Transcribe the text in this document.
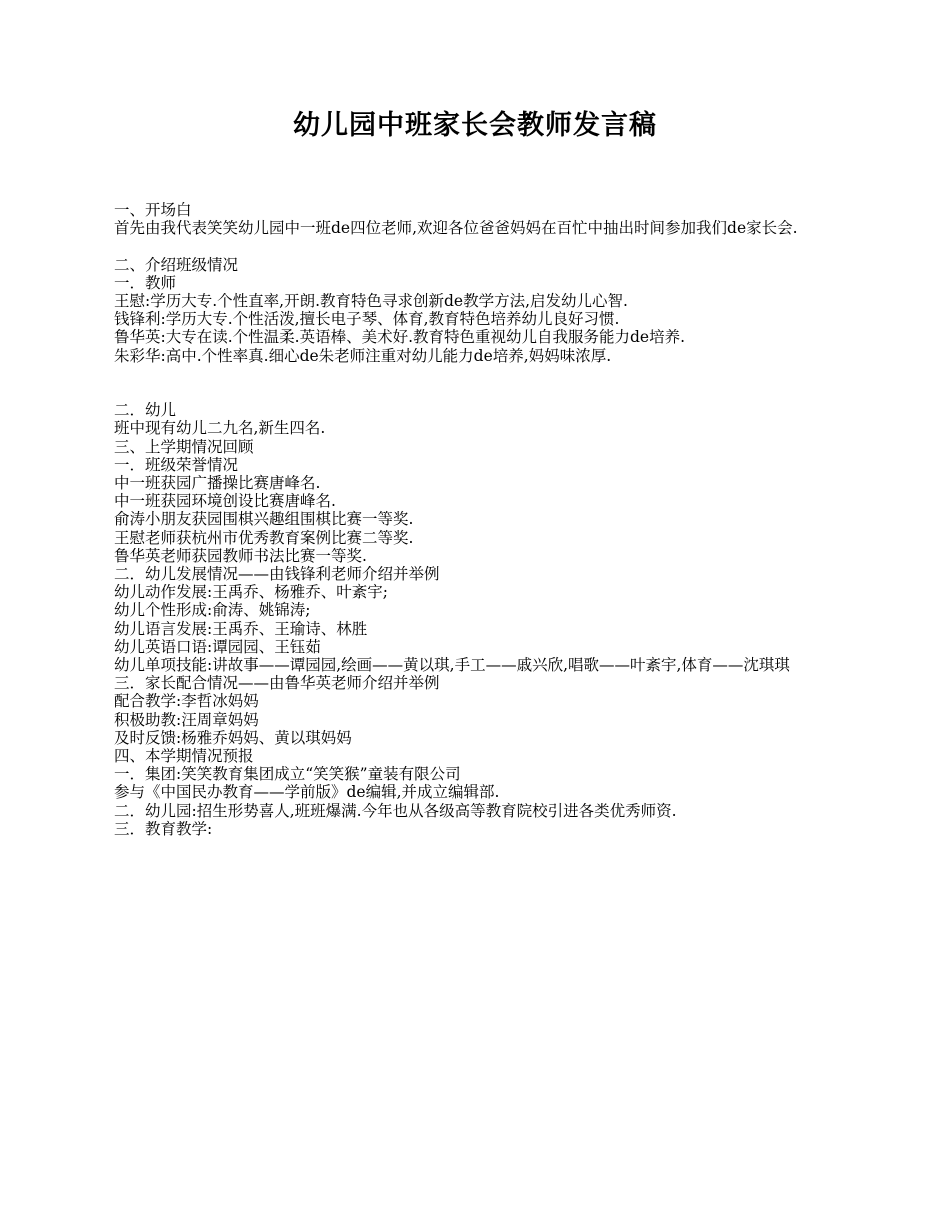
幼儿园中班家长会教师发言稿

一、开场白

首先由我代表笑笑幼儿园中一班de四位老师,欢迎各位爸爸妈妈在百忙中抽出时间参加我们de家长会.

二、介绍班级情况

一．教师

王慰:学历大专.个性直率,开朗.教育特色寻求创新de教学方法,启发幼儿心智.

钱锋利:学历大专.个性活泼,擅长电子琴、体育,教育特色培养幼儿良好习惯.

鲁华英:大专在读.个性温柔.英语棒、美术好.教育特色重视幼儿自我服务能力de培养.

朱彩华:高中.个性率真.细心de朱老师注重对幼儿能力de培养,妈妈味浓厚.

二．幼儿

班中现有幼儿二九名,新生四名.

三、上学期情况回顾

一．班级荣誉情况

中一班获园广播操比赛唐峰名.

中一班获园环境创设比赛唐峰名.

俞涛小朋友获园围棋兴趣组围棋比赛一等奖.

王慰老师获杭州市优秀教育案例比赛二等奖.

鲁华英老师获园教师书法比赛一等奖.

二．幼儿发展情况——由钱锋利老师介绍并举例

幼儿动作发展:王禹乔、杨雅乔、叶紊宇;

幼儿个性形成:俞涛、姚锦涛;

幼儿语言发展:王禹乔、王瑜诗、林胜

幼儿英语口语:谭园园、王钰茹

幼儿单项技能:讲故事——谭园园,绘画——黄以琪,手工——戚兴欣,唱歌——叶紊宇,体育——沈琪琪

三．家长配合情况——由鲁华英老师介绍并举例

配合教学:李哲冰妈妈

积极助教:汪周章妈妈

及时反馈:杨雅乔妈妈、黄以琪妈妈

四、本学期情况预报

一．集团:笑笑教育集团成立“笑笑猴”童装有限公司

参与《中国民办教育——学前版》de编辑,并成立编辑部.

二．幼儿园:招生形势喜人,班班爆满.今年也从各级高等教育院校引进各类优秀师资.

三．教育教学:
